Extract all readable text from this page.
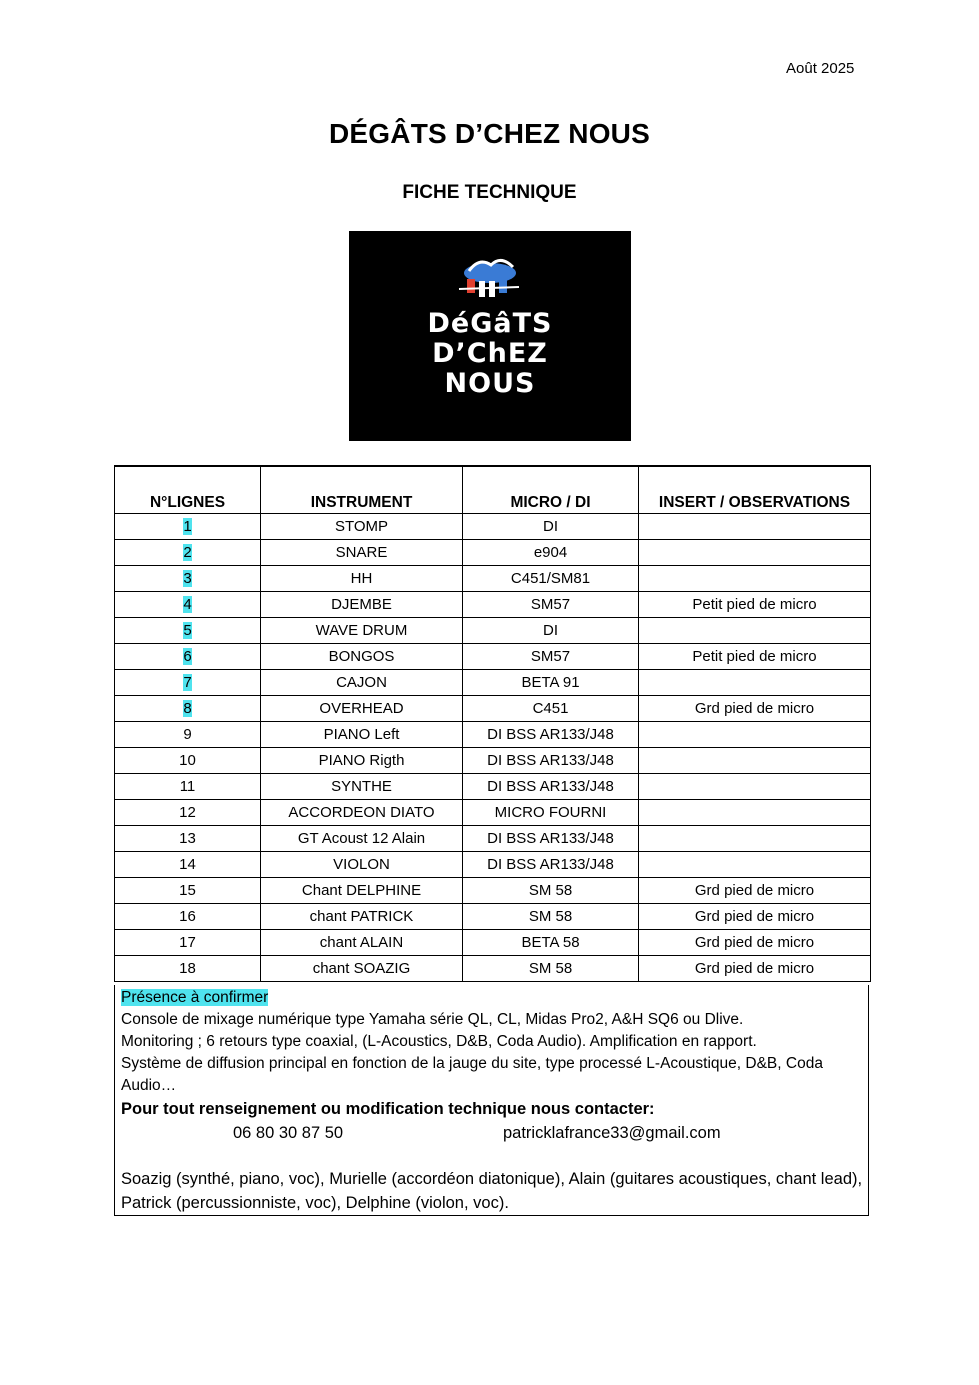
Août 2025
DÉGÂTS D’CHEZ NOUS
FICHE TECHNIQUE
DéGâTS
D’ChEZ
NOUS
N°LIGNES	INSTRUMENT	MICRO / DI	INSERT / OBSERVATIONS
1	STOMP	DI	
2	SNARE	e904	
3	HH	C451/SM81	
4	DJEMBE	SM57	Petit pied de micro
5	WAVE DRUM	DI	
6	BONGOS	SM57	Petit pied de micro
7	CAJON	BETA 91	
8	OVERHEAD	C451	Grd pied de micro
9	PIANO Left	DI BSS AR133/J48	
10	PIANO Rigth	DI BSS AR133/J48	
11	SYNTHE	DI BSS AR133/J48	
12	ACCORDEON DIATO	MICRO FOURNI	
13	GT Acoust 12 Alain	DI BSS AR133/J48	
14	VIOLON	DI BSS AR133/J48	
15	Chant DELPHINE	SM 58	Grd pied de micro
16	chant PATRICK	SM 58	Grd pied de micro
17	chant ALAIN	BETA 58	Grd pied de micro
18	chant SOAZIG	SM 58	Grd pied de micro
Présence à confirmer
Console de mixage numérique type Yamaha série QL, CL, Midas Pro2, A&H SQ6 ou Dlive.
Monitoring ; 6 retours type coaxial, (L-Acoustics, D&B, Coda Audio). Amplification en rapport.
Système de diffusion principal en fonction de la jauge du site, type processé L-Acoustique, D&B, Coda Audio…
Pour tout renseignement ou modification technique nous contacter:
06 80 30 87 50	patricklafrance33@gmail.com
Soazig (synthé, piano, voc), Murielle (accordéon diatonique), Alain (guitares acoustiques, chant lead), Patrick (percussionniste, voc), Delphine (violon, voc).
